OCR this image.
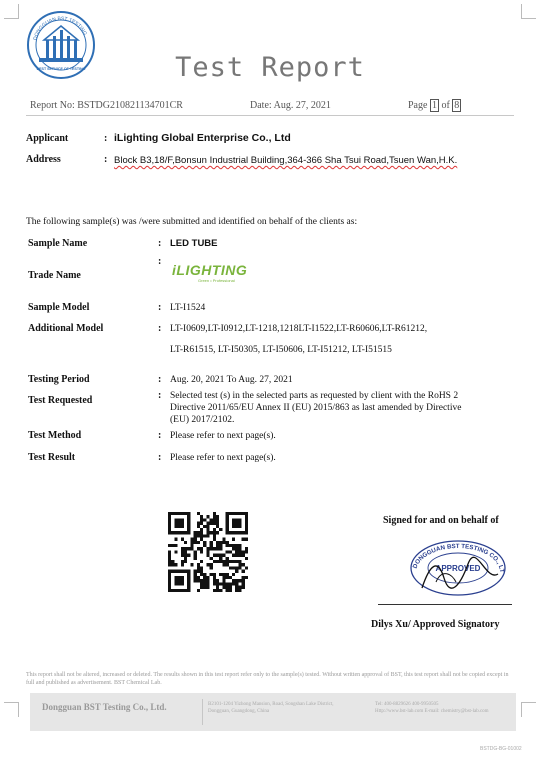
DONGGUAN BST TESTING
BEST SERVICE OF TESTING	Test Report
Report No: BSTDG210821134701CR	Date: Aug. 27, 2021	Page 1 of 8
Applicant	: iLighting Global Enterprise Co., Ltd
Address	: Block B3,18/F,Bonsun Industrial Building,364-366 Sha Tsui Road,Tsuen Wan,H.K.
The following sample(s) was /were submitted and identified on behalf of the clients as:
Sample Name	: LED TUBE
Trade Name
:
iLIGHTING
Green • Professional
Sample Model	: LT-I1524
Additional Model	: LT-I0609,LT-I0912,LT-1218,1218LT-I1522,LT-R60606,LT-R61212,
LT-R61515, LT-I50305, LT-I50606, LT-I51212, LT-I51515
Testing Period	: Aug. 20, 2021 To Aug. 27, 2021
Test Requested	: Selected test (s) in the selected parts as requested by client with the RoHS 2
Directive 2011/65/EU Annex II (EU) 2015/863 as last amended by Directive
(EU) 2017/2102.
Test Method	: Please refer to next page(s).
Test Result	: Please refer to next page(s).
Signed for and on behalf of
DONGGUAN BST TESTING CO., LT
APPROVED
Dilys Xu/ Approved Signatory
This report shall not be altered, increased or deleted. The results shown in this test report refer only to the sample(s) tested. Without written approval of BST, this test report shall not be copied except in full and published as advertisement. BST Chemical Lab.
Dongguan BST Testing Co., Ltd.	B2101-1204 Yizhong Mansion, Road, Songshan Lake District,
Dongguan, Guangdong, China
Tel: 400-8829626 400-9950505
Http://www.bst-lab.com E-mail: chemistry@bst-lab.com
BSTDG-BG-01002
